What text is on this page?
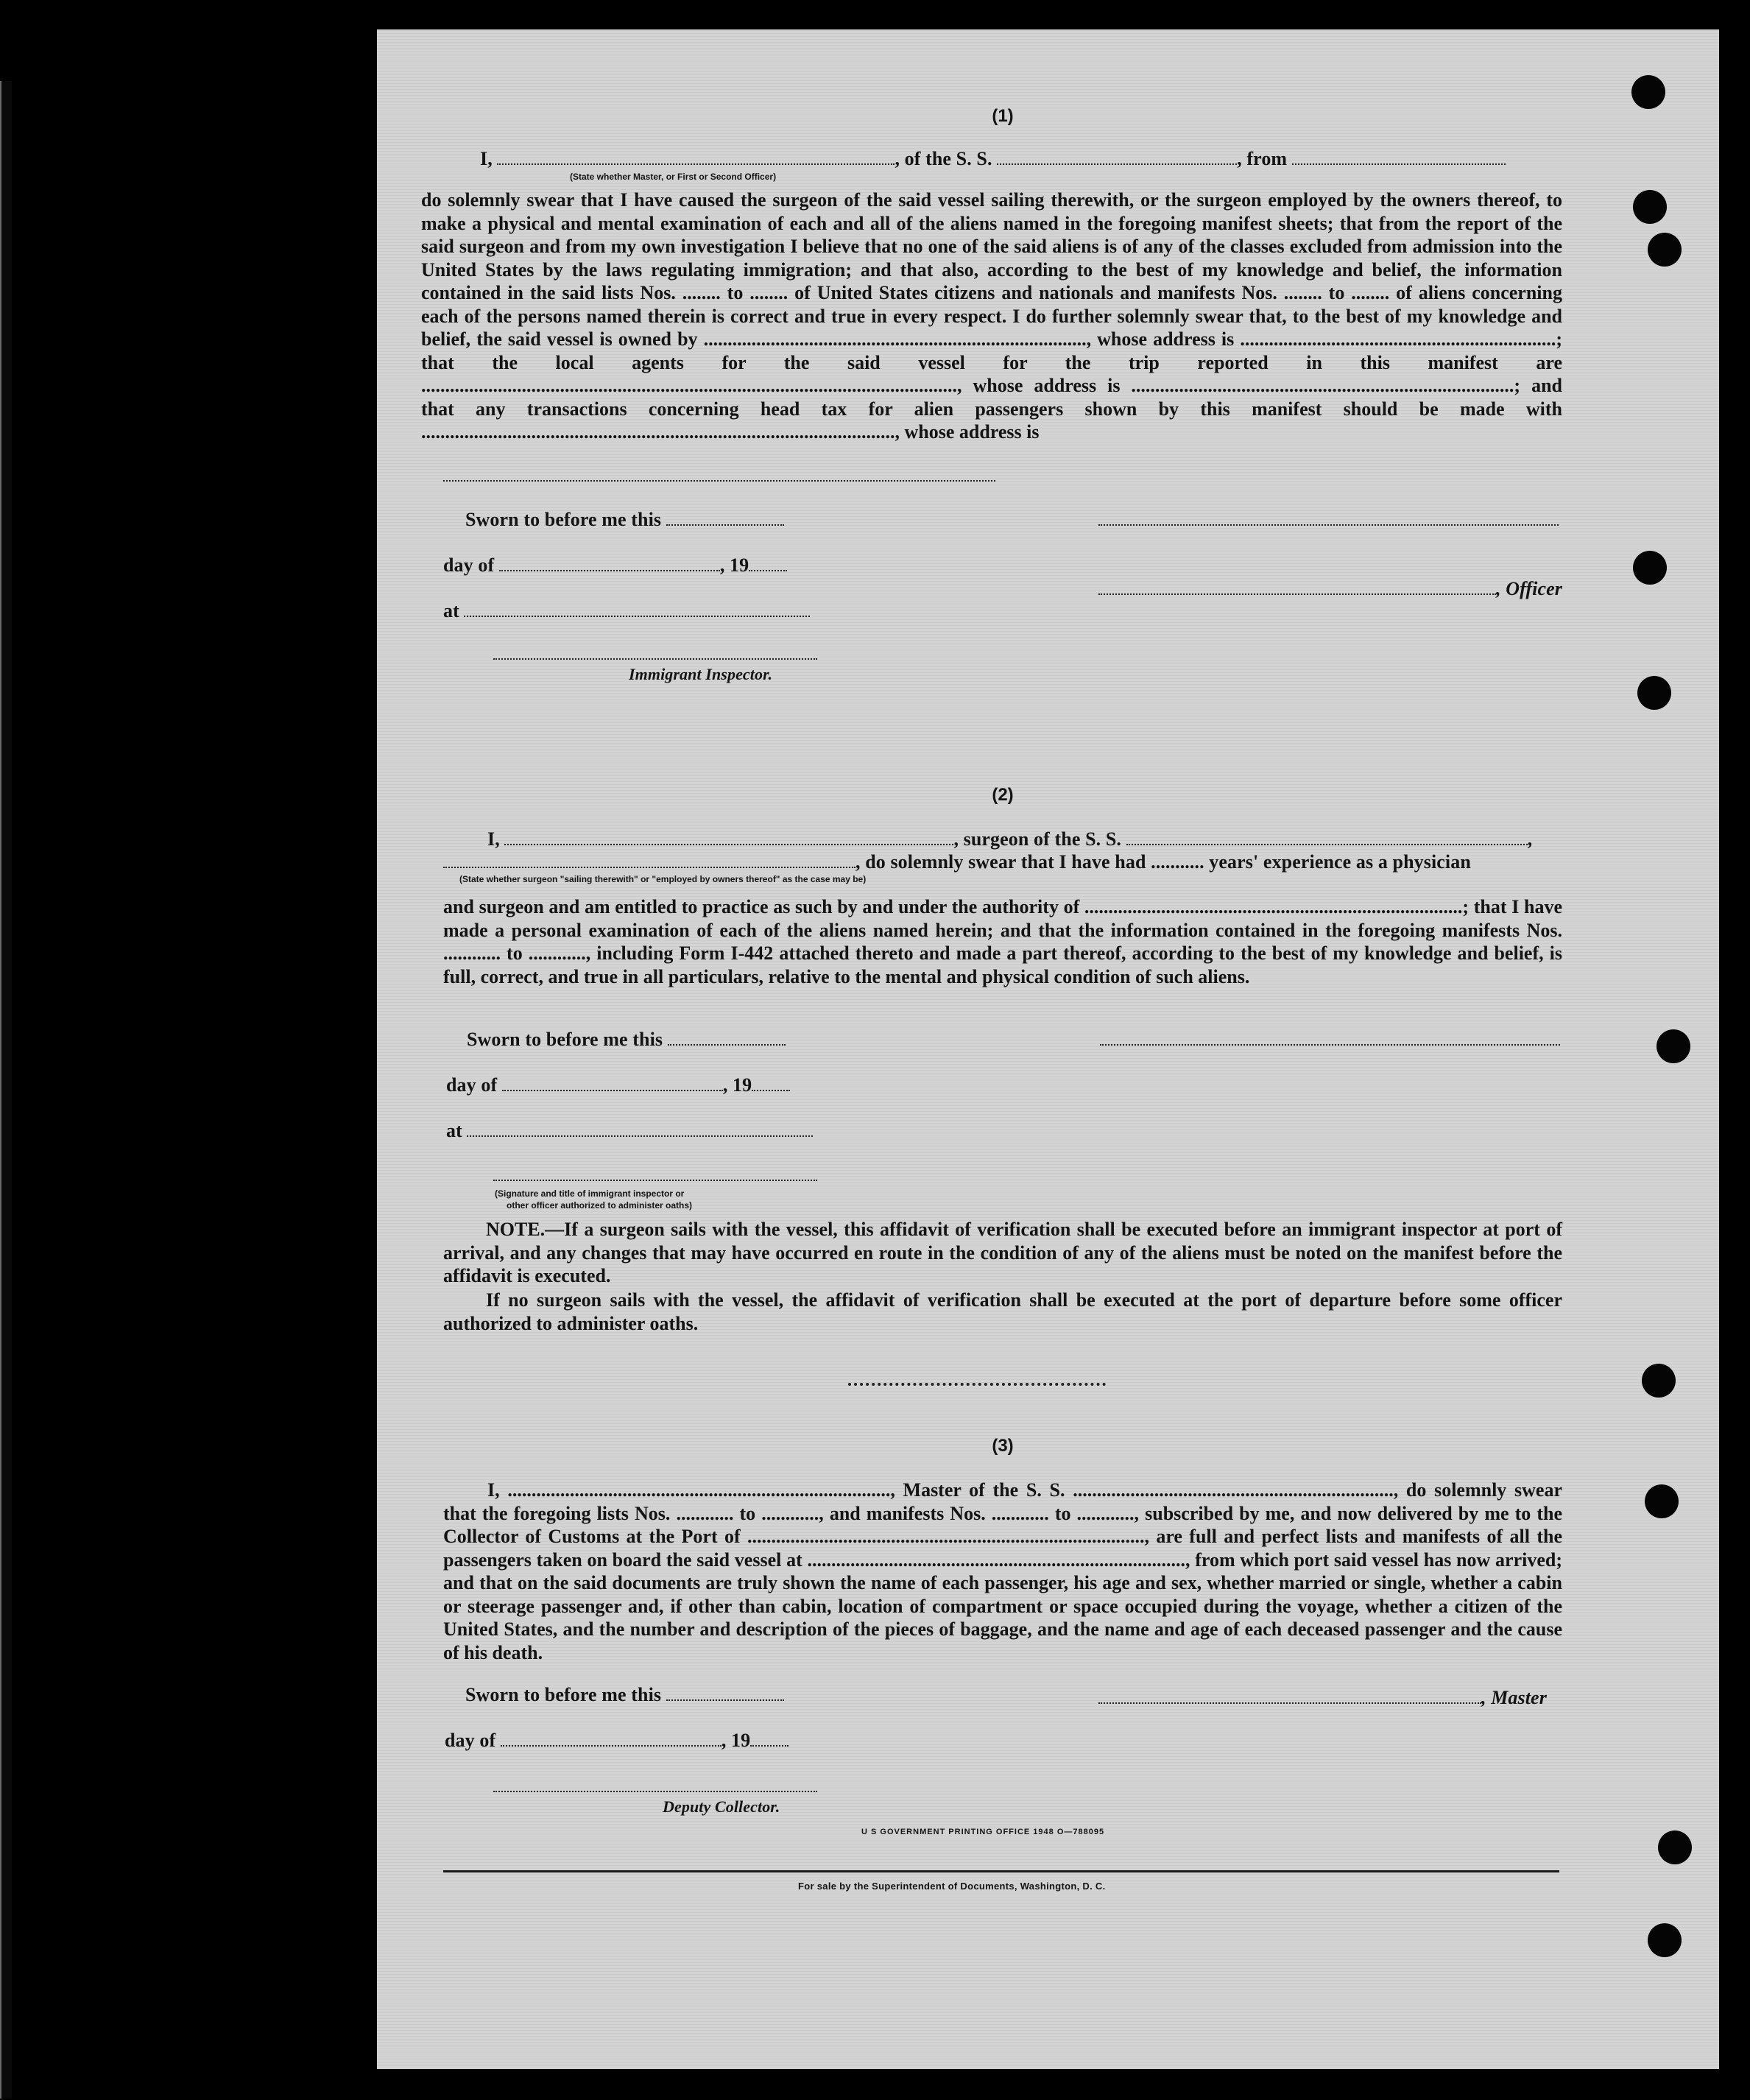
(1)
I,	, of the S. S.	, from
(State whether Master, or First or Second Officer)
do solemnly swear that I have caused the surgeon of the said vessel sailing therewith, or the surgeon employed by the owners thereof, to make a physical and mental examination of each and all of the aliens named in the foregoing manifest sheets; that from the report of the said surgeon and from my own investigation I believe that no one of the said aliens is of any of the classes excluded from admission into the United States by the laws regulating immigration; and that also, according to the best of my knowledge and belief, the information contained in the said lists Nos. ........ to ........ of United States citizens and nationals and manifests Nos. ........ to ........ of aliens concerning each of the persons named therein is correct and true in every respect. I do further solemnly swear that, to the best of my knowledge and belief, the said vessel is owned by ................................................................................, whose address is ..................................................................; that the local agents for the said vessel for the trip reported in this manifest are ................................................................................................................, whose address is ................................................................................; and that any transactions concerning head tax for alien passengers shown by this manifest should be made with ..................................................................................................., whose address is
Sworn to before me this
day of	, 19
, Officer
at
Immigrant Inspector.
(2)
I,	, surgeon of the S. S.	,
, do solemnly swear that I have had ........... years' experience as a physician
(State whether surgeon "sailing therewith" or "employed by owners thereof" as the case may be)
and surgeon and am entitled to practice as such by and under the authority of ...............................................................................; that I have made a personal examination of each of the aliens named herein; and that the information contained in the foregoing manifests Nos. ............ to ............, including Form I-442 attached thereto and made a part thereof, according to the best of my knowledge and belief, is full, correct, and true in all particulars, relative to the mental and physical condition of such aliens.
Sworn to before me this
day of	, 19
at
(Signature and title of immigrant inspector or
other officer authorized to administer oaths)
NOTE.—If a surgeon sails with the vessel, this affidavit of verification shall be executed before an immigrant inspector at port of arrival, and any changes that may have occurred en route in the condition of any of the aliens must be noted on the manifest before the affidavit is executed.
If no surgeon sails with the vessel, the affidavit of verification shall be executed at the port of departure before some officer authorized to administer oaths.
(3)
I, ................................................................................, Master of the S. S. ..................................................................., do solemnly swear that the foregoing lists Nos. ............ to ............, and manifests Nos. ............ to ............, subscribed by me, and now delivered by me to the Collector of Customs at the Port of ..................................................................................., are full and perfect lists and manifests of all the passengers taken on board the said vessel at ..............................................................................., from which port said vessel has now arrived; and that on the said documents are truly shown the name of each passenger, his age and sex, whether married or single, whether a cabin or steerage passenger and, if other than cabin, location of compartment or space occupied during the voyage, whether a citizen of the United States, and the number and description of the pieces of baggage, and the name and age of each deceased passenger and the cause of his death.
Sworn to before me this	, Master
day of	, 19
Deputy Collector.
U S GOVERNMENT PRINTING OFFICE 1948 O—788095
For sale by the Superintendent of Documents, Washington, D. C.
